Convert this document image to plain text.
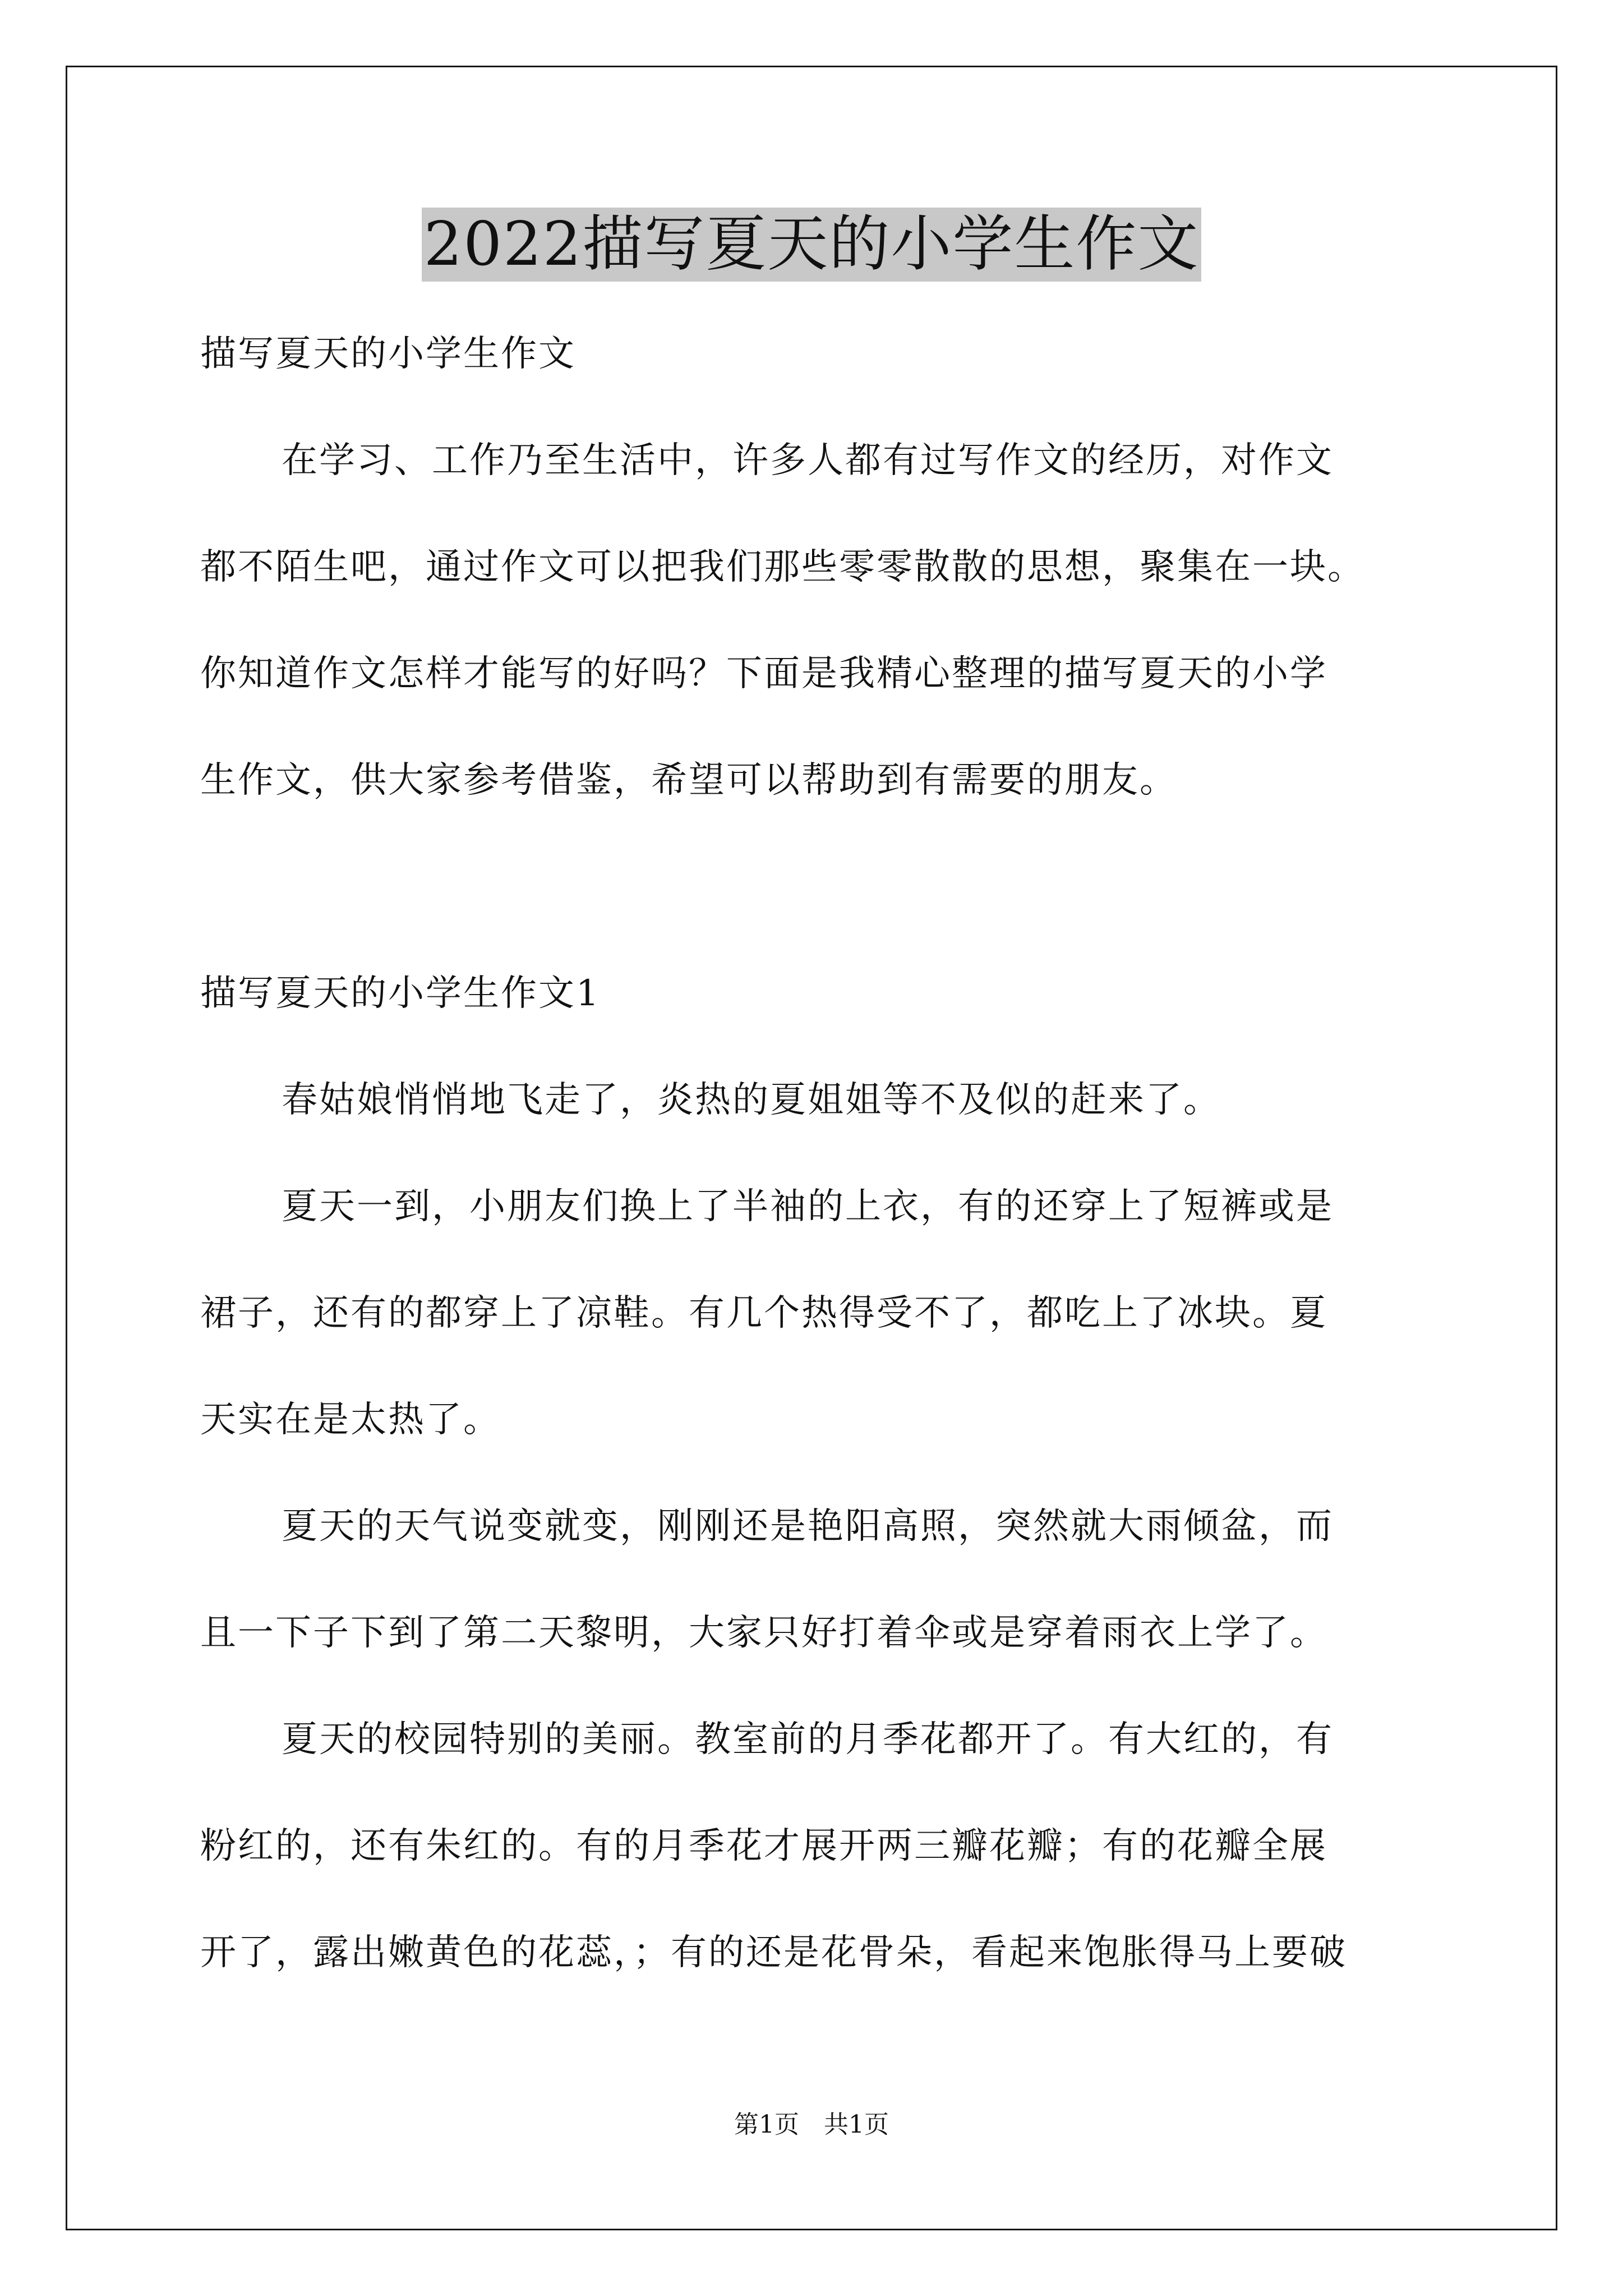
2022描写夏天的小学生作文
描写夏天的小学生作文
在学习、工作乃至生活中，许多人都有过写作文的经历，对作文
都不陌生吧，通过作文可以把我们那些零零散散的思想，聚集在一块。
你知道作文怎样才能写的好吗？下面是我精心整理的描写夏天的小学
生作文，供大家参考借鉴，希望可以帮助到有需要的朋友。
描写夏天的小学生作文1
春姑娘悄悄地飞走了，炎热的夏姐姐等不及似的赶来了。
夏天一到，小朋友们换上了半袖的上衣，有的还穿上了短裤或是
裙子，还有的都穿上了凉鞋。有几个热得受不了，都吃上了冰块。夏
天实在是太热了。
夏天的天气说变就变，刚刚还是艳阳高照，突然就大雨倾盆，而
且一下子下到了第二天黎明，大家只好打着伞或是穿着雨衣上学了。
夏天的校园特别的美丽。教室前的月季花都开了。有大红的，有
粉红的，还有朱红的。有的月季花才展开两三瓣花瓣；有的花瓣全展
开了，露出嫩黄色的花蕊，；有的还是花骨朵，看起来饱胀得马上要破
第1页 共1页
